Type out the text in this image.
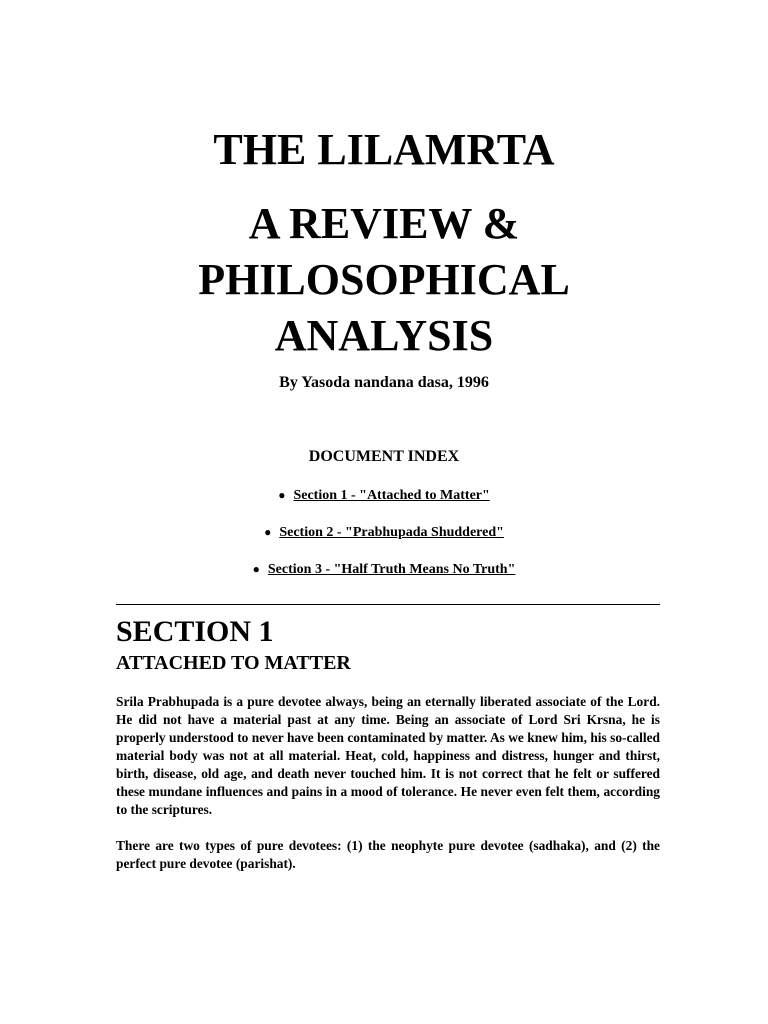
THE LILAMRTA
A REVIEW &
PHILOSOPHICAL
ANALYSIS
By Yasoda nandana dasa, 1996
DOCUMENT INDEX
● Section 1 - "Attached to Matter"
● Section 2 - "Prabhupada Shuddered"
● Section 3 - "Half Truth Means No Truth"
SECTION 1
ATTACHED TO MATTER

Srila Prabhupada is a pure devotee always, being an eternally liberated associate of the Lord. He did not have a material past at any time. Being an associate of Lord Sri Krsna, he is properly understood to never have been contaminated by matter. As we knew him, his so-called material body was not at all material. Heat, cold, happiness and distress, hunger and thirst, birth, disease, old age, and death never touched him. It is not correct that he felt or suffered these mundane influences and pains in a mood of tolerance. He never even felt them, according to the scriptures.

There are two types of pure devotees: (1) the neophyte pure devotee (sadhaka), and (2) the perfect pure devotee (parishat).
